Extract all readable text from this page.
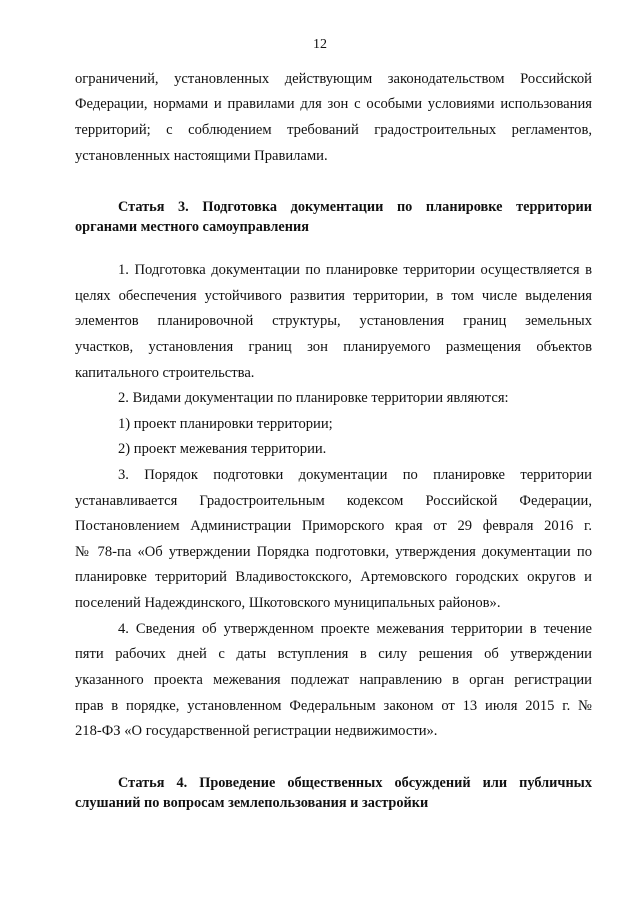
12
ограничений, установленных действующим законодательством Российской
Федерации, нормами и правилами для зон с особыми условиями использования
территорий; с соблюдением требований градостроительных регламентов,
установленных настоящими Правилами.
Статья 3. Подготовка документации по планировке территории
органами местного самоуправления
1. Подготовка документации по планировке территории осуществляется в
целях обеспечения устойчивого развития территории, в том числе выделения
элементов планировочной структуры, установления границ земельных
участков, установления границ зон планируемого размещения объектов
капитального строительства.
2. Видами документации по планировке территории являются:
1) проект планировки территории;
2) проект межевания территории.
3. Порядок подготовки документации по планировке территории
устанавливается Градостроительным кодексом Российской Федерации,
Постановлением Администрации Приморского края от 29 февраля 2016 г.
№ 78-па «Об утверждении Порядка подготовки, утверждения документации по
планировке территорий Владивостокского, Артемовского городских округов и
поселений Надеждинского, Шкотовского муниципальных районов».
4. Сведения об утвержденном проекте межевания территории в течение
пяти рабочих дней с даты вступления в силу решения об утверждении
указанного проекта межевания подлежат направлению в орган регистрации
прав в порядке, установленном Федеральным законом от 13 июля 2015 г. №
218-ФЗ «О государственной регистрации недвижимости».
Статья 4. Проведение общественных обсуждений или публичных
слушаний по вопросам землепользования и застройки
